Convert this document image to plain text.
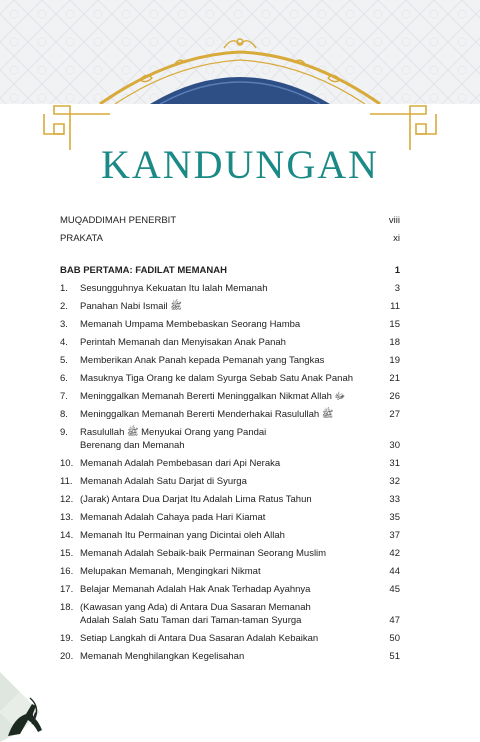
KANDUNGAN
MUQADDIMAH PENERBIT	viii
PRAKATA	xi
BAB PERTAMA: FADILAT MEMANAH	1
1. Sesungguhnya Kekuatan Itu Ialah Memanah	3
2. Panahan Nabi Ismail ﷺ	11
3. Memanah Umpama Membebaskan Seorang Hamba	15
4. Perintah Memanah dan Menyisakan Anak Panah	18
5. Memberikan Anak Panah kepada Pemanah yang Tangkas	19
6. Masuknya Tiga Orang ke dalam Syurga Sebab Satu Anak Panah	21
7. Meninggalkan Memanah Bererti Meninggalkan Nikmat Allah ﷻ	26
8. Meninggalkan Memanah Bererti Menderhakai Rasulullah ﷺ	27
9. Rasulullah ﷺ Menyukai Orang yang Pandai
Berenang dan Memanah	30
10. Memanah Adalah Pembebasan dari Api Neraka	31
11. Memanah Adalah Satu Darjat di Syurga	32
12. (Jarak) Antara Dua Darjat Itu Adalah Lima Ratus Tahun	33
13. Memanah Adalah Cahaya pada Hari Kiamat	35
14. Memanah Itu Permainan yang Dicintai oleh Allah	37
15. Memanah Adalah Sebaik-baik Permainan Seorang Muslim	42
16. Melupakan Memanah, Mengingkari Nikmat	44
17. Belajar Memanah Adalah Hak Anak Terhadap Ayahnya	45
18. (Kawasan yang Ada) di Antara Dua Sasaran Memanah
Adalah Salah Satu Taman dari Taman-taman Syurga	47
19. Setiap Langkah di Antara Dua Sasaran Adalah Kebaikan	50
20. Memanah Menghilangkan Kegelisahan	51
iv
